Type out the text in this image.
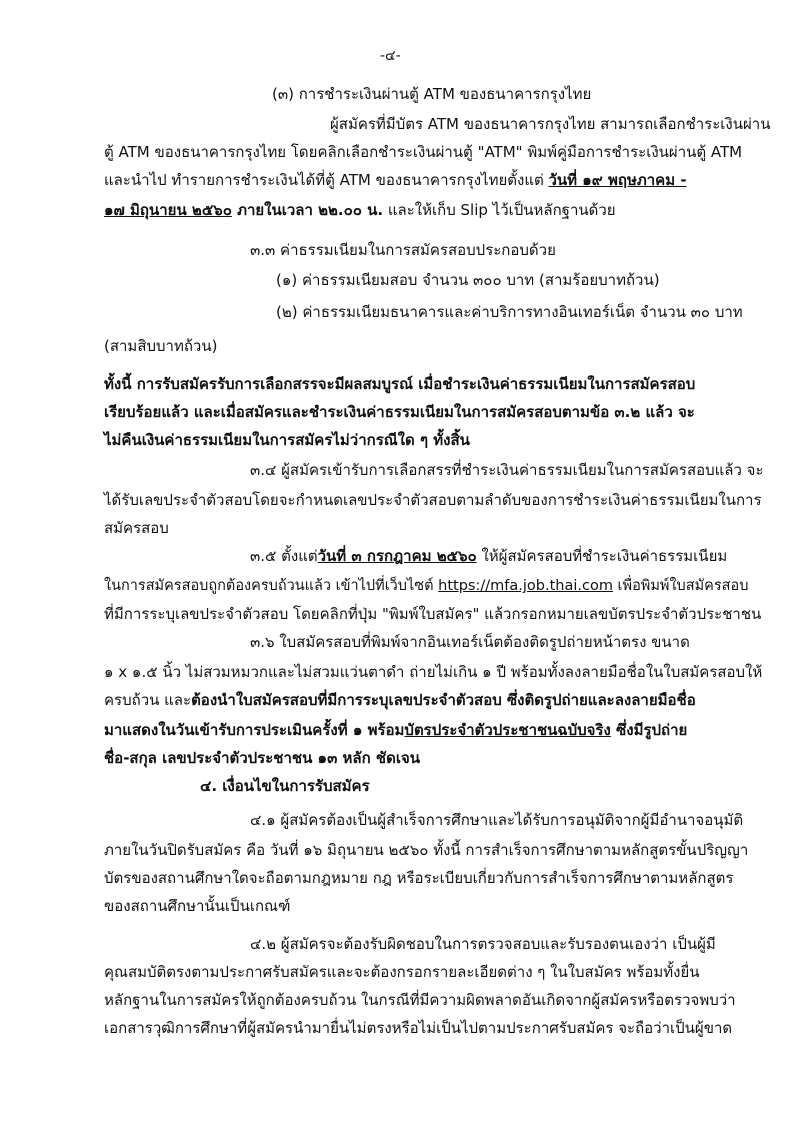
-๔-
(๓) การชำระเงินผ่านตู้ ATM ของธนาคารกรุงไทย
ผู้สมัครที่มีบัตร ATM ของธนาคารกรุงไทย สามารถเลือกชำระเงินผ่าน
ตู้ ATM ของธนาคารกรุงไทย โดยคลิกเลือกชำระเงินผ่านตู้ "ATM" พิมพ์คู่มือการชำระเงินผ่านตู้ ATM
และนำไป ทำรายการชำระเงินได้ที่ตู้ ATM ของธนาคารกรุงไทยตั้งแต่ วันที่ ๑๙ พฤษภาคม -
๑๗ มิถุนายน ๒๕๖๐ ภายในเวลา ๒๒.๐๐ น. และให้เก็บ Slip ไว้เป็นหลักฐานด้วย
๓.๓ ค่าธรรมเนียมในการสมัครสอบประกอบด้วย
(๑) ค่าธรรมเนียมสอบ จำนวน ๓๐๐ บาท (สามร้อยบาทถ้วน)
(๒) ค่าธรรมเนียมธนาคารและค่าบริการทางอินเทอร์เน็ต จำนวน ๓๐ บาท
(สามสิบบาทถ้วน)
ทั้งนี้ การรับสมัครรับการเลือกสรรจะมีผลสมบูรณ์ เมื่อชำระเงินค่าธรรมเนียมในการสมัครสอบ
เรียบร้อยแล้ว และเมื่อสมัครและชำระเงินค่าธรรมเนียมในการสมัครสอบตามข้อ ๓.๒ แล้ว จะ
ไม่คืนเงินค่าธรรมเนียมในการสมัครไม่ว่ากรณีใด ๆ ทั้งสิ้น
๓.๔ ผู้สมัครเข้ารับการเลือกสรรที่ชำระเงินค่าธรรมเนียมในการสมัครสอบแล้ว จะ
ได้รับเลขประจำตัวสอบโดยจะกำหนดเลขประจำตัวสอบตามลำดับของการชำระเงินค่าธรรมเนียมในการ
สมัครสอบ
๓.๕ ตั้งแต่วันที่ ๓ กรกฎาคม ๒๕๖๐ ให้ผู้สมัครสอบที่ชำระเงินค่าธรรมเนียม
ในการสมัครสอบถูกต้องครบถ้วนแล้ว เข้าไปที่เว็บไซต์ https://mfa.job.thai.com เพื่อพิมพ์ใบสมัครสอบ
ที่มีการระบุเลขประจำตัวสอบ โดยคลิกที่ปุ่ม "พิมพ์ใบสมัคร" แล้วกรอกหมายเลขบัตรประจำตัวประชาชน
๓.๖ ใบสมัครสอบที่พิมพ์จากอินเทอร์เน็ตต้องติดรูปถ่ายหน้าตรง ขนาด
๑ x ๑.๕ นิ้ว ไม่สวมหมวกและไม่สวมแว่นตาดำ ถ่ายไม่เกิน ๑ ปี พร้อมทั้งลงลายมือชื่อในใบสมัครสอบให้
ครบถ้วน และต้องนำใบสมัครสอบที่มีการระบุเลขประจำตัวสอบ ซึ่งติดรูปถ่ายและลงลายมือชื่อ
มาแสดงในวันเข้ารับการประเมินครั้งที่ ๑ พร้อมบัตรประจำตัวประชาชนฉบับจริง ซึ่งมีรูปถ่าย
ชื่อ-สกุล เลขประจำตัวประชาชน ๑๓ หลัก ชัดเจน
๔. เงื่อนไขในการรับสมัคร
๔.๑ ผู้สมัครต้องเป็นผู้สำเร็จการศึกษาและได้รับการอนุมัติจากผู้มีอำนาจอนุมัติ
ภายในวันปิดรับสมัคร คือ วันที่ ๑๖ มิถุนายน ๒๕๖๐ ทั้งนี้ การสำเร็จการศึกษาตามหลักสูตรขั้นปริญญา
บัตรของสถานศึกษาใดจะถือตามกฎหมาย กฎ หรือระเบียบเกี่ยวกับการสำเร็จการศึกษาตามหลักสูตร
ของสถานศึกษานั้นเป็นเกณฑ์
๔.๒ ผู้สมัครจะต้องรับผิดชอบในการตรวจสอบและรับรองตนเองว่า เป็นผู้มี
คุณสมบัติตรงตามประกาศรับสมัครและจะต้องกรอกรายละเอียดต่าง ๆ ในใบสมัคร พร้อมทั้งยื่น
หลักฐานในการสมัครให้ถูกต้องครบถ้วน ในกรณีที่มีความผิดพลาดอันเกิดจากผู้สมัครหรือตรวจพบว่า
เอกสารวุฒิการศึกษาที่ผู้สมัครนำมายื่นไม่ตรงหรือไม่เป็นไปตามประกาศรับสมัคร จะถือว่าเป็นผู้ขาด
